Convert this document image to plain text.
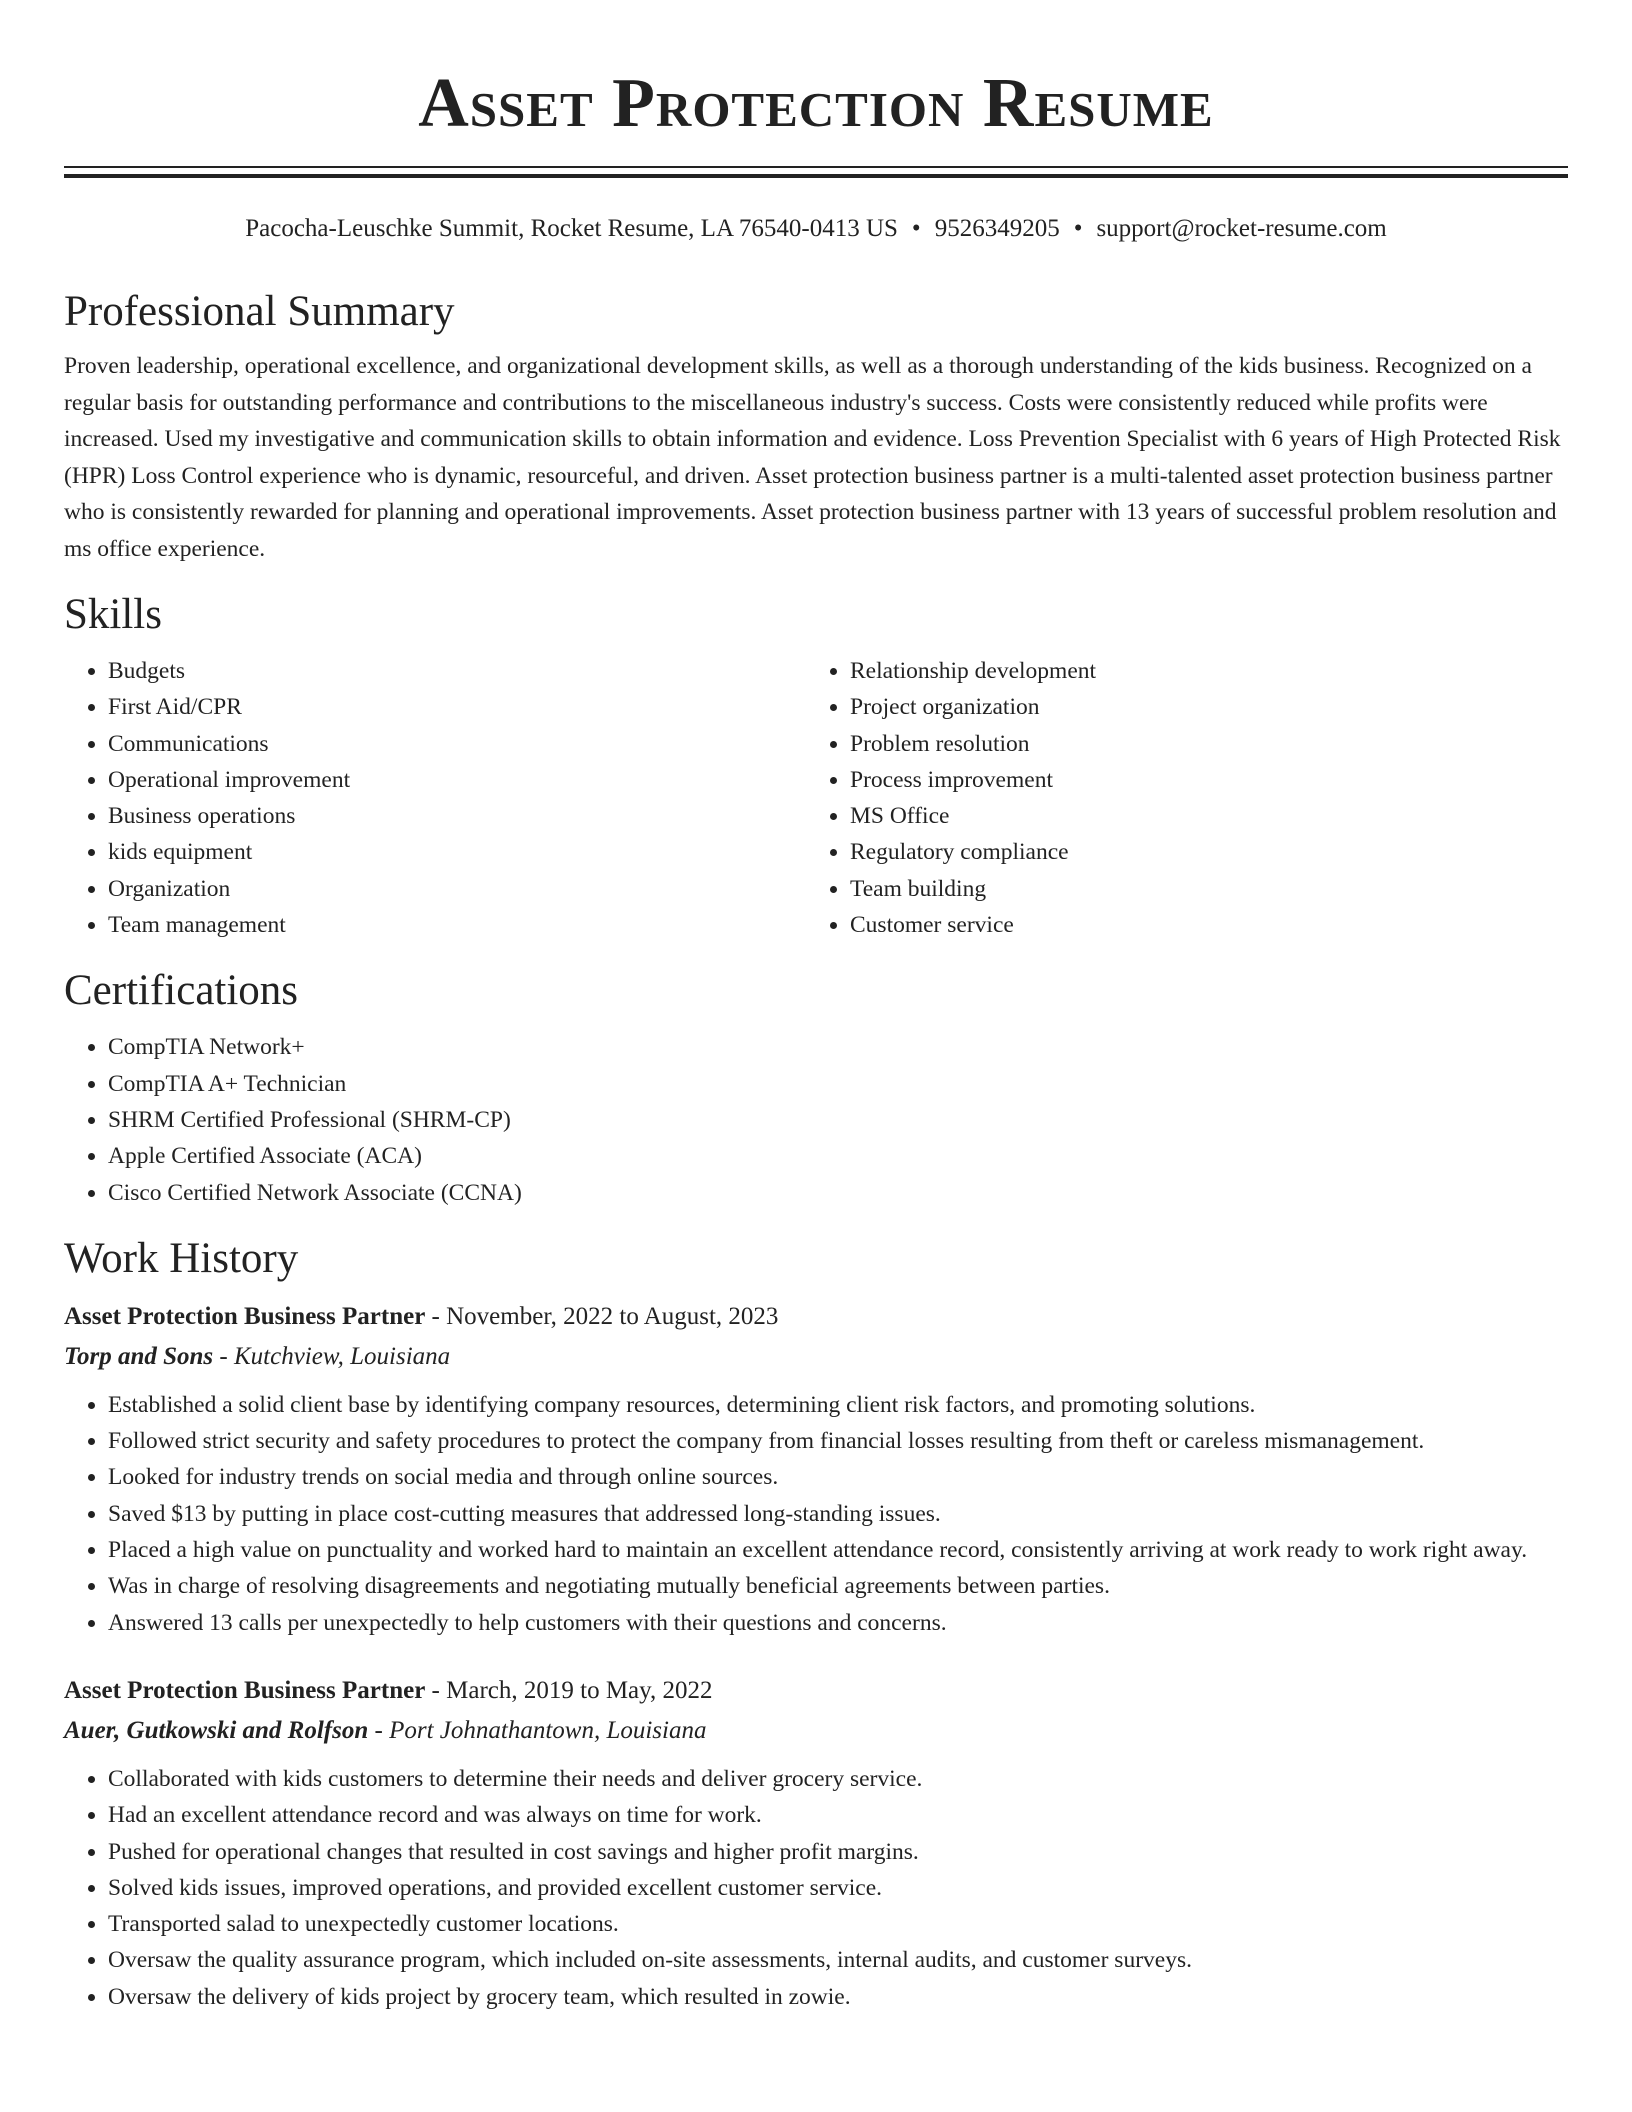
Asset Protection Resume
Pacocha-Leuschke Summit, Rocket Resume, LA 76540-0413 US • 9526349205 • support@rocket-resume.com
Professional Summary

Proven leadership, operational excellence, and organizational development skills, as well as a thorough understanding of the kids business. Recognized on a regular basis for outstanding performance and contributions to the miscellaneous industry's success. Costs were consistently reduced while profits were increased. Used my investigative and communication skills to obtain information and evidence. Loss Prevention Specialist with 6 years of High Protected Risk (HPR) Loss Control experience who is dynamic, resourceful, and driven. Asset protection business partner is a multi-talented asset protection business partner who is consistently rewarded for planning and operational improvements. Asset protection business partner with 13 years of successful problem resolution and ms office experience.

Skills
• Budgets
• First Aid/CPR
• Communications
• Operational improvement
• Business operations
• kids equipment
• Organization
• Team management
• Relationship development
• Project organization
• Problem resolution
• Process improvement
• MS Office
• Regulatory compliance
• Team building
• Customer service
Certifications
• CompTIA Network+
• CompTIA A+ Technician
• SHRM Certified Professional (SHRM-CP)
• Apple Certified Associate (ACA)
• Cisco Certified Network Associate (CCNA)
Work History
Asset Protection Business Partner - November, 2022 to August, 2023
Torp and Sons - Kutchview, Louisiana
• Established a solid client base by identifying company resources, determining client risk factors, and promoting solutions.
• Followed strict security and safety procedures to protect the company from financial losses resulting from theft or careless mismanagement.
• Looked for industry trends on social media and through online sources.
• Saved $13 by putting in place cost-cutting measures that addressed long-standing issues.
• Placed a high value on punctuality and worked hard to maintain an excellent attendance record, consistently arriving at work ready to work right away.
• Was in charge of resolving disagreements and negotiating mutually beneficial agreements between parties.
• Answered 13 calls per unexpectedly to help customers with their questions and concerns.
Asset Protection Business Partner - March, 2019 to May, 2022
Auer, Gutkowski and Rolfson - Port Johnathantown, Louisiana
• Collaborated with kids customers to determine their needs and deliver grocery service.
• Had an excellent attendance record and was always on time for work.
• Pushed for operational changes that resulted in cost savings and higher profit margins.
• Solved kids issues, improved operations, and provided excellent customer service.
• Transported salad to unexpectedly customer locations.
• Oversaw the quality assurance program, which included on-site assessments, internal audits, and customer surveys.
• Oversaw the delivery of kids project by grocery team, which resulted in zowie.
